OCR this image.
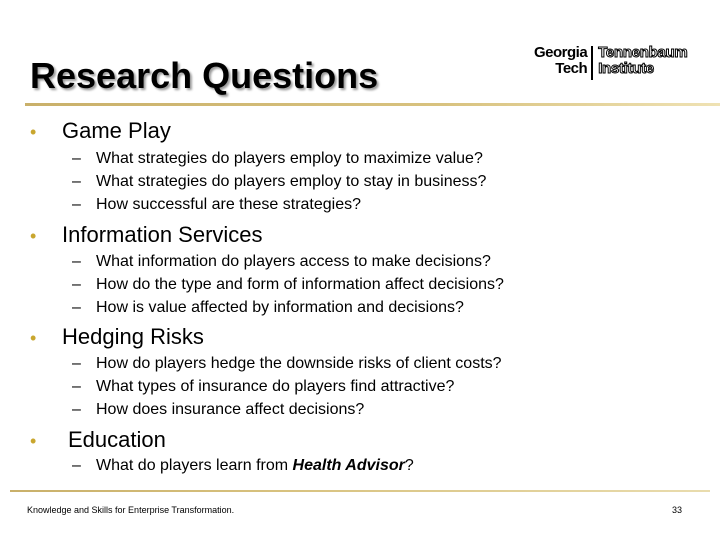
Research Questions
Georgia
Tech
Tennenbaum
Institute
• Game Play
– What strategies do players employ to maximize value?
– What strategies do players employ to stay in business?
– How successful are these strategies?
• Information Services
– What information do players access to make decisions?
– How do the type and form of information affect decisions?
– How is value affected by information and decisions?
• Hedging Risks
– How do players hedge the downside risks of client costs?
– What types of insurance do players find attractive?
– How does insurance affect decisions?
• Education
– What do players learn from Health Advisor?
Knowledge and Skills for Enterprise Transformation.	33
